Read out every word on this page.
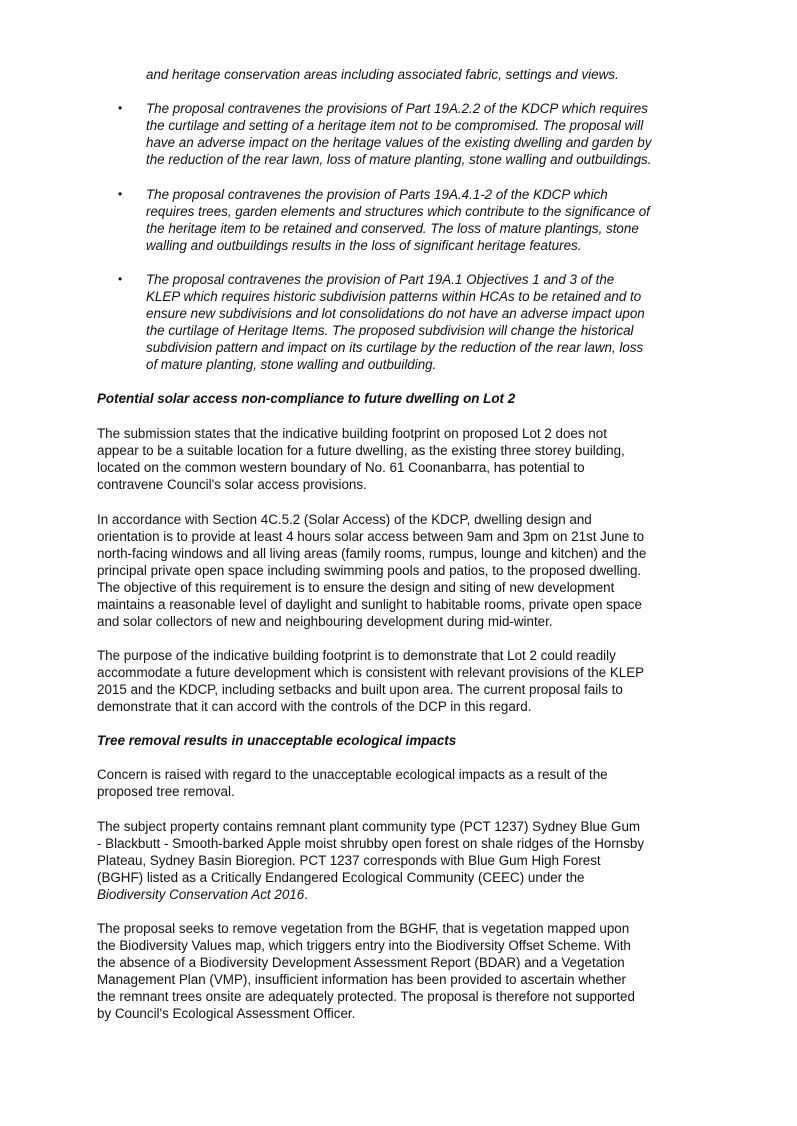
and heritage conservation areas including associated fabric, settings and views.
• The proposal contravenes the provisions of Part 19A.2.2 of the KDCP which requires
the curtilage and setting of a heritage item not to be compromised. The proposal will
have an adverse impact on the heritage values of the existing dwelling and garden by
the reduction of the rear lawn, loss of mature planting, stone walling and outbuildings.
• The proposal contravenes the provision of Parts 19A.4.1-2 of the KDCP which
requires trees, garden elements and structures which contribute to the significance of
the heritage item to be retained and conserved. The loss of mature plantings, stone
walling and outbuildings results in the loss of significant heritage features.
• The proposal contravenes the provision of Part 19A.1 Objectives 1 and 3 of the
KLEP which requires historic subdivision patterns within HCAs to be retained and to
ensure new subdivisions and lot consolidations do not have an adverse impact upon
the curtilage of Heritage Items. The proposed subdivision will change the historical
subdivision pattern and impact on its curtilage by the reduction of the rear lawn, loss
of mature planting, stone walling and outbuilding.
Potential solar access non-compliance to future dwelling on Lot 2
The submission states that the indicative building footprint on proposed Lot 2 does not
appear to be a suitable location for a future dwelling, as the existing three storey building,
located on the common western boundary of No. 61 Coonanbarra, has potential to
contravene Council's solar access provisions.
In accordance with Section 4C.5.2 (Solar Access) of the KDCP, dwelling design and
orientation is to provide at least 4 hours solar access between 9am and 3pm on 21st June to
north-facing windows and all living areas (family rooms, rumpus, lounge and kitchen) and the
principal private open space including swimming pools and patios, to the proposed dwelling.
The objective of this requirement is to ensure the design and siting of new development
maintains a reasonable level of daylight and sunlight to habitable rooms, private open space
and solar collectors of new and neighbouring development during mid-winter.
The purpose of the indicative building footprint is to demonstrate that Lot 2 could readily
accommodate a future development which is consistent with relevant provisions of the KLEP
2015 and the KDCP, including setbacks and built upon area. The current proposal fails to
demonstrate that it can accord with the controls of the DCP in this regard.
Tree removal results in unacceptable ecological impacts
Concern is raised with regard to the unacceptable ecological impacts as a result of the
proposed tree removal.
The subject property contains remnant plant community type (PCT 1237) Sydney Blue Gum
- Blackbutt - Smooth-barked Apple moist shrubby open forest on shale ridges of the Hornsby
Plateau, Sydney Basin Bioregion. PCT 1237 corresponds with Blue Gum High Forest
(BGHF) listed as a Critically Endangered Ecological Community (CEEC) under the
Biodiversity Conservation Act 2016.
The proposal seeks to remove vegetation from the BGHF, that is vegetation mapped upon
the Biodiversity Values map, which triggers entry into the Biodiversity Offset Scheme. With
the absence of a Biodiversity Development Assessment Report (BDAR) and a Vegetation
Management Plan (VMP), insufficient information has been provided to ascertain whether
the remnant trees onsite are adequately protected. The proposal is therefore not supported
by Council's Ecological Assessment Officer.
